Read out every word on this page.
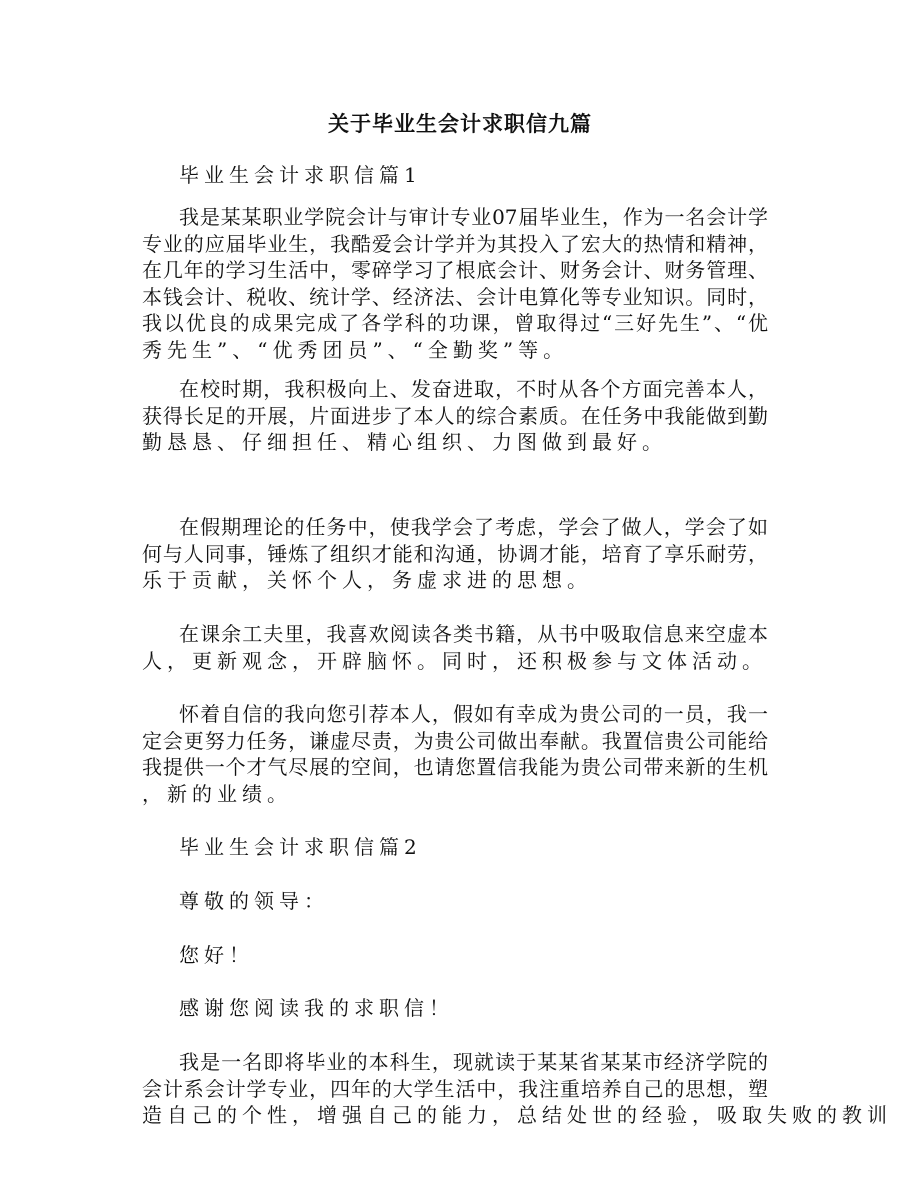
关于毕业生会计求职信九篇
毕业生会计求职信篇1
我是某某职业学院会计与审计专业07届毕业生，作为一名会计学
专业的应届毕业生，我酷爱会计学并为其投入了宏大的热情和精神，
在几年的学习生活中，零碎学习了根底会计、财务会计、财务管理、
本钱会计、税收、统计学、经济法、会计电算化等专业知识。同时，
我以优良的成果完成了各学科的功课，曾取得过“三好先生”、“优
秀先生”、“优秀团员”、“全勤奖”等。
在校时期，我积极向上、发奋进取，不时从各个方面完善本人，
获得长足的开展，片面进步了本人的综合素质。在任务中我能做到勤
勤恳恳、仔细担任、精心组织、力图做到最好。
在假期理论的任务中，使我学会了考虑，学会了做人，学会了如
何与人同事，锤炼了组织才能和沟通，协调才能，培育了享乐耐劳，
乐于贡献，关怀个人，务虚求进的思想。
在课余工夫里，我喜欢阅读各类书籍，从书中吸取信息来空虚本
人，更新观念，开辟脑怀。同时，还积极参与文体活动。
怀着自信的我向您引荐本人，假如有幸成为贵公司的一员，我一
定会更努力任务，谦虚尽责，为贵公司做出奉献。我置信贵公司能给
我提供一个才气尽展的空间，也请您置信我能为贵公司带来新的生机
，新的业绩。
毕业生会计求职信篇2
尊敬的领导：
您好！
感谢您阅读我的求职信！
我是一名即将毕业的本科生，现就读于某某省某某市经济学院的
会计系会计学专业，四年的大学生活中，我注重培养自己的思想，塑
造自己的个性，增强自己的能力，总结处世的经验，吸取失败的教训
